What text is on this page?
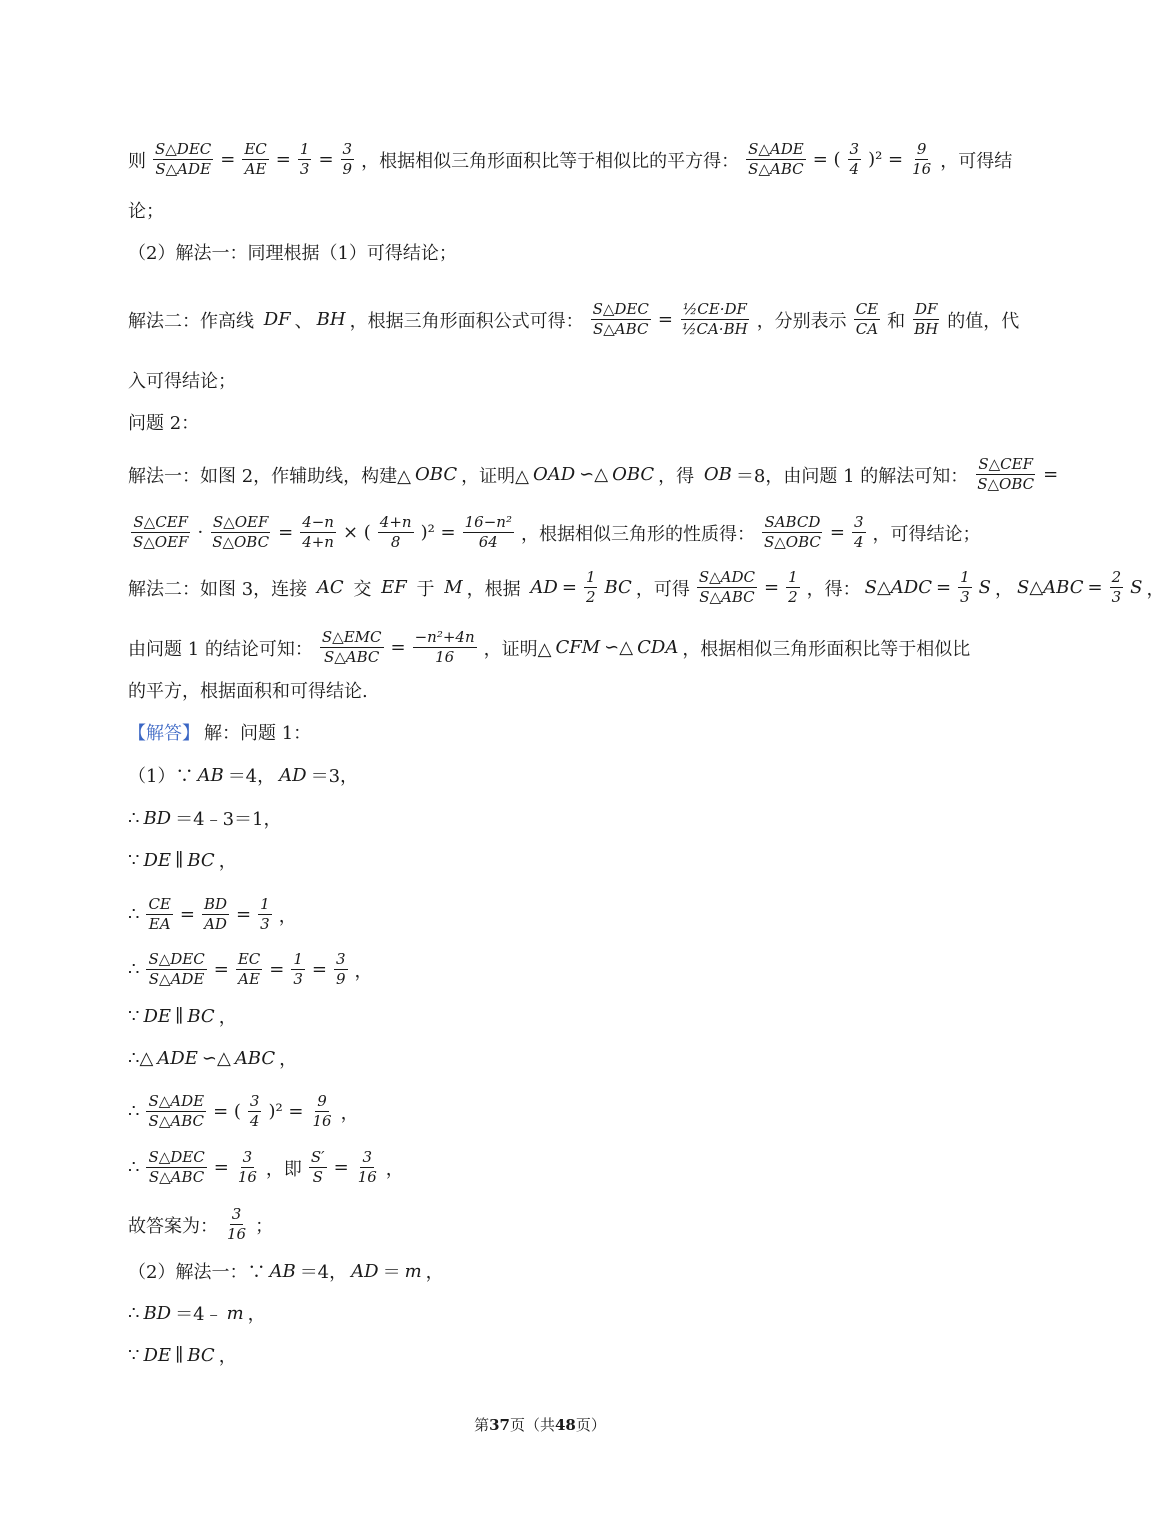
则 $\frac{\text{S△DEC}}{\text{S△ADE}} = \frac{EC}{AE} = \frac{1}{3} = \frac{3}{9}$ ，根据相似三角形面积比等于相似比的平方得： $\frac{\text{S△ADE}}{\text{S△ABC}}$ = ( $\frac{3}{4} )^2 = \frac{9}{16}$ ，可得结
论；
（2）解法一：同理根据（1）可得结论；
解法二：作高线 DF 、 BH ，根据三角形面积公式可得： $\frac{\text{S△DEC}}{\text{S△ABC}} = \frac{\text{½CE·DF}}{\text{½CA·BH}}$ ，分别表示 $\frac{CE}{CA}$ 和 $\frac{DF}{BH}$ 的值，代
入可得结论；
问题 2：
解法一：如图 2，作辅助线，构建△ OBC ，证明△ OAD ∽△ OBC ，得 OB ＝8，由问题 1 的解法可知： $\frac{\text{S△CEF}}{\text{S△OBC}}$ =
$\frac{\text{S△CEF}}{\text{S△OEF}} \cdot \frac{\text{S△OEF}}{\text{S△OBC}} = \frac{4-n}{4+n}$ × ( $\frac{4+n}{8} )^2 = \frac{\text{16−n²}}{64}$ ，根据相似三角形的性质得： $\frac{\text{SABCD}}{\text{S△OBC}} = \frac{3}{4}$ ，可得结论；
解法二：如图 3，连接 AC 交 EF 于 M ，根据 AD = $\frac{1}{2}$ BC ，可得 $\frac{\text{S△ADC}}{\text{S△ABC}} = \frac{1}{2}$ ，得： S△ADC = $\frac{1}{3}$ S ， S△ABC = $\frac{2}{3}$ S ，
由问题 1 的结论可知： $\frac{\text{S△EMC}}{\text{S△ABC}} = \frac{\text{−n²+4n}}{16}$ ，证明△ CFM ∽△ CDA ，根据相似三角形面积比等于相似比
的平方，根据面积和可得结论.
【解答】 解：问题 1：
（1）∵ AB ＝4， AD ＝3，
∴ BD ＝4﹣3＝1，
∵ DE ∥ BC ，
∴ $\frac{CE}{EA} = \frac{BD}{AD} = \frac{1}{3}$ ，
∴ $\frac{\text{S△DEC}}{\text{S△ADE}} = \frac{EC}{AE} = \frac{1}{3} = \frac{3}{9}$ ，
∵ DE ∥ BC ，
∴△ ADE ∽△ ABC ，
∴ $\frac{\text{S△ADE}}{\text{S△ABC}}$ = ( $\frac{3}{4} )^2 = \frac{9}{16}$ ，
∴ $\frac{\text{S△DEC}}{\text{S△ABC}} = \frac{3}{16}$ ，即 $\frac{S'}{S} = \frac{3}{16}$ ，
故答案为： $\frac{3}{16}$ ；
（2）解法一：∵ AB ＝4， AD ＝ m ，
∴ BD ＝4﹣ m ，
∵ DE ∥ BC ，
第37页（共48页）
